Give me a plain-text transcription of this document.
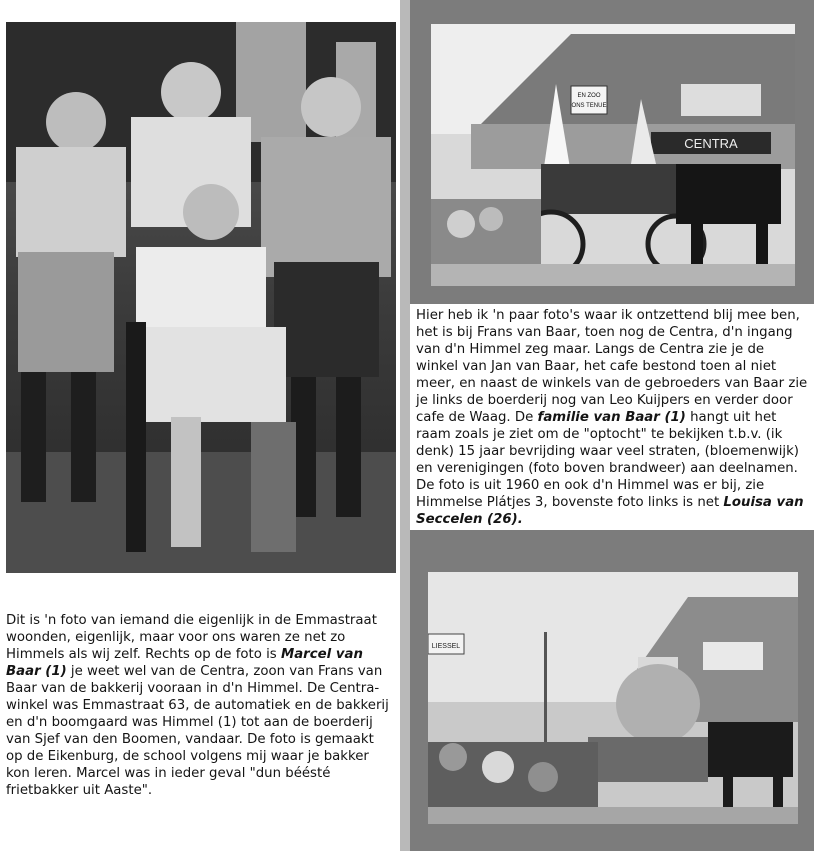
Dit is 'n foto van iemand die eigenlijk in de Emmastraat woonden, eigenlijk, maar voor ons waren ze net zo Himmels als wij zelf. Rechts op de foto is Marcel van Baar (1) je weet wel van de Centra, zoon van Frans van Baar van de bakkerij vooraan in d'n Himmel. De Centra-winkel was Emmastraat 63, de automatiek en de bakkerij en d'n boomgaard was Himmel (1) tot aan de boerderij van Sjef van den Boomen, vandaar. De foto is gemaakt op de Eikenburg, de school volgens mij waar je bakker kon leren. Marcel was in ieder geval "dun béésté frietbakker uit Aaste".

CENTRA
EN ZOO
ONS TENUE

Hier heb ik 'n paar foto's waar ik ontzettend blij mee ben, het is bij Frans van Baar, toen nog de Centra, d'n ingang van d'n Himmel zeg maar. Langs de Centra zie je de winkel van Jan van Baar, het cafe bestond toen al niet meer, en naast de winkels van de gebroeders van Baar zie je links de boerderij nog van Leo Kuijpers en verder door cafe de Waag. De familie van Baar (1) hangt uit het raam zoals je ziet om de "optocht" te bekijken t.b.v. (ik denk) 15 jaar bevrijding waar veel straten, (bloemenwijk) en verenigingen (foto boven brandweer) aan deelnamen. De foto is uit 1960 en ook d'n Himmel was er bij, zie Himmelse Plátjes 3, bovenste foto links is net Louisa van Seccelen (26).

LIESSEL
